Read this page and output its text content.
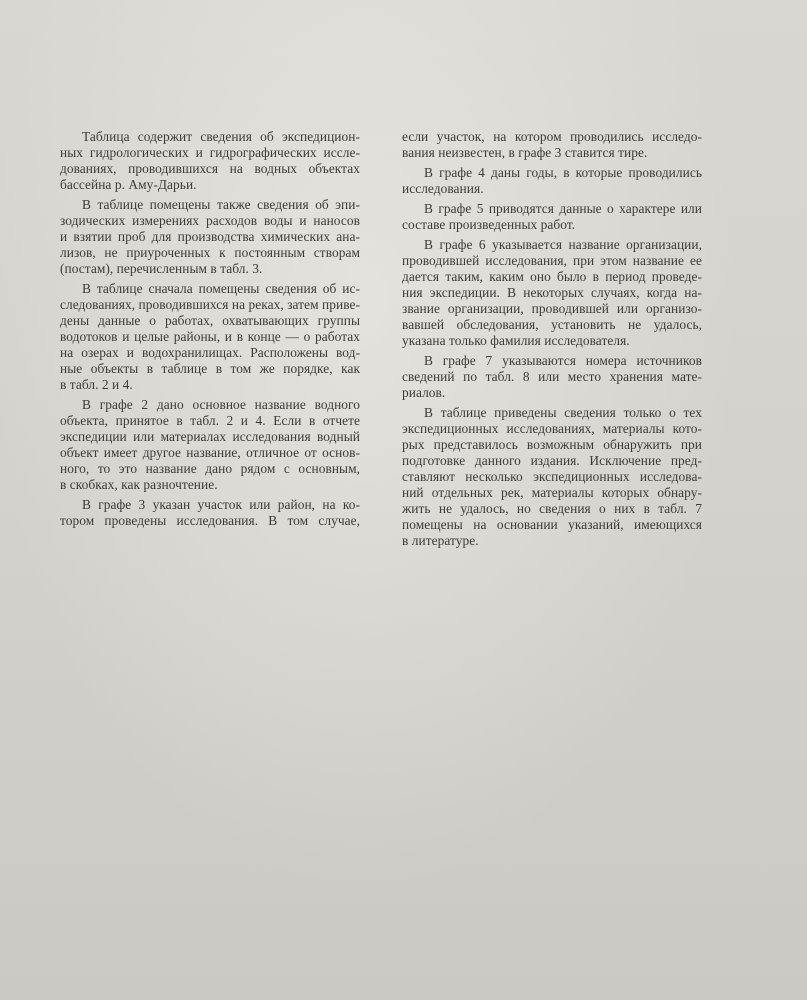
Таблица содержит сведения об экспедицион-
ных гидрологических и гидрографических иссле-
дованиях, проводившихся на водных объектах
бассейна р. Аму-Дарьи.
В таблице помещены также сведения об эпи-
зодических измерениях расходов воды и наносов
и взятии проб для производства химических ана-
лизов, не приуроченных к постоянным створам
(постам), перечисленным в табл. 3.
В таблице сначала помещены сведения об ис-
следованиях, проводившихся на реках, затем приве-
дены данные о работах, охватывающих группы
водотоков и целые районы, и в конце — о работах
на озерах и водохранилищах. Расположены вод-
ные объекты в таблице в том же порядке, как
в табл. 2 и 4.
В графе 2 дано основное название водного
объекта, принятое в табл. 2 и 4. Если в отчете
экспедиции или материалах исследования водный
объект имеет другое название, отличное от основ-
ного, то это название дано рядом с основным,
в скобках, как разночтение.
В графе 3 указан участок или район, на ко-
тором проведены исследования. В том случае,
если участок, на котором проводились исследо-
вания неизвестен, в графе 3 ставится тире.
В графе 4 даны годы, в которые проводились
исследования.
В графе 5 приводятся данные о характере или
составе произведенных работ.
В графе 6 указывается название организации,
проводившей исследования, при этом название ее
дается таким, каким оно было в период проведе-
ния экспедиции. В некоторых случаях, когда на-
звание организации, проводившей или организо-
вавшей обследования, установить не удалось,
указана только фамилия исследователя.
В графе 7 указываются номера источников
сведений по табл. 8 или место хранения мате-
риалов.
В таблице приведены сведения только о тех
экспедиционных исследованиях, материалы кото-
рых представилось возможным обнаружить при
подготовке данного издания. Исключение пред-
ставляют несколько экспедиционных исследова-
ний отдельных рек, материалы которых обнару-
жить не удалось, но сведения о них в табл. 7
помещены на основании указаний, имеющихся
в литературе.
